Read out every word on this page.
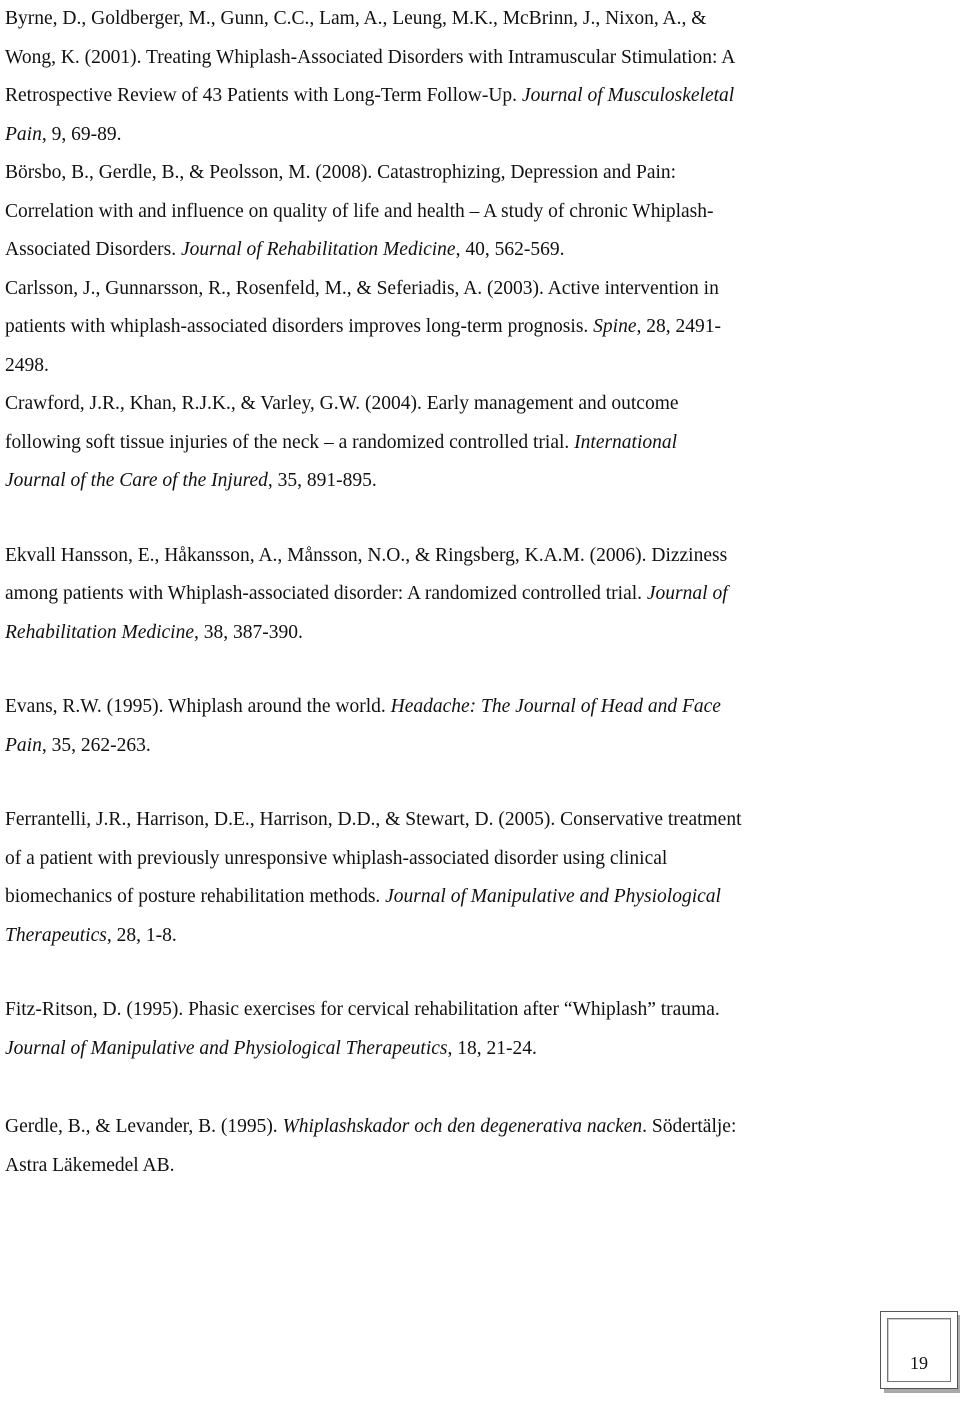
Byrne, D., Goldberger, M., Gunn, C.C., Lam, A., Leung, M.K., McBrinn, J., Nixon, A., &
Wong, K. (2001). Treating Whiplash-Associated Disorders with Intramuscular Stimulation: A
Retrospective Review of 43 Patients with Long-Term Follow-Up. Journal of Musculoskeletal
Pain, 9, 69-89.
Börsbo, B., Gerdle, B., & Peolsson, M. (2008). Catastrophizing, Depression and Pain:
Correlation with and influence on quality of life and health – A study of chronic Whiplash-
Associated Disorders. Journal of Rehabilitation Medicine, 40, 562-569.
Carlsson, J., Gunnarsson, R., Rosenfeld, M., & Seferiadis, A. (2003). Active intervention in
patients with whiplash-associated disorders improves long-term prognosis. Spine, 28, 2491-
2498.
Crawford, J.R., Khan, R.J.K., & Varley, G.W. (2004). Early management and outcome
following soft tissue injuries of the neck – a randomized controlled trial. International
Journal of the Care of the Injured, 35, 891-895.
Ekvall Hansson, E., Håkansson, A., Månsson, N.O., & Ringsberg, K.A.M. (2006). Dizziness
among patients with Whiplash-associated disorder: A randomized controlled trial. Journal of
Rehabilitation Medicine, 38, 387-390.
Evans, R.W. (1995). Whiplash around the world. Headache: The Journal of Head and Face
Pain, 35, 262-263.
Ferrantelli, J.R., Harrison, D.E., Harrison, D.D., & Stewart, D. (2005). Conservative treatment
of a patient with previously unresponsive whiplash-associated disorder using clinical
biomechanics of posture rehabilitation methods. Journal of Manipulative and Physiological
Therapeutics, 28, 1-8.
Fitz-Ritson, D. (1995). Phasic exercises for cervical rehabilitation after “Whiplash” trauma.
Journal of Manipulative and Physiological Therapeutics, 18, 21-24.
Gerdle, B., & Levander, B. (1995). Whiplashskador och den degenerativa nacken. Södertälje:
Astra Läkemedel AB.
19
